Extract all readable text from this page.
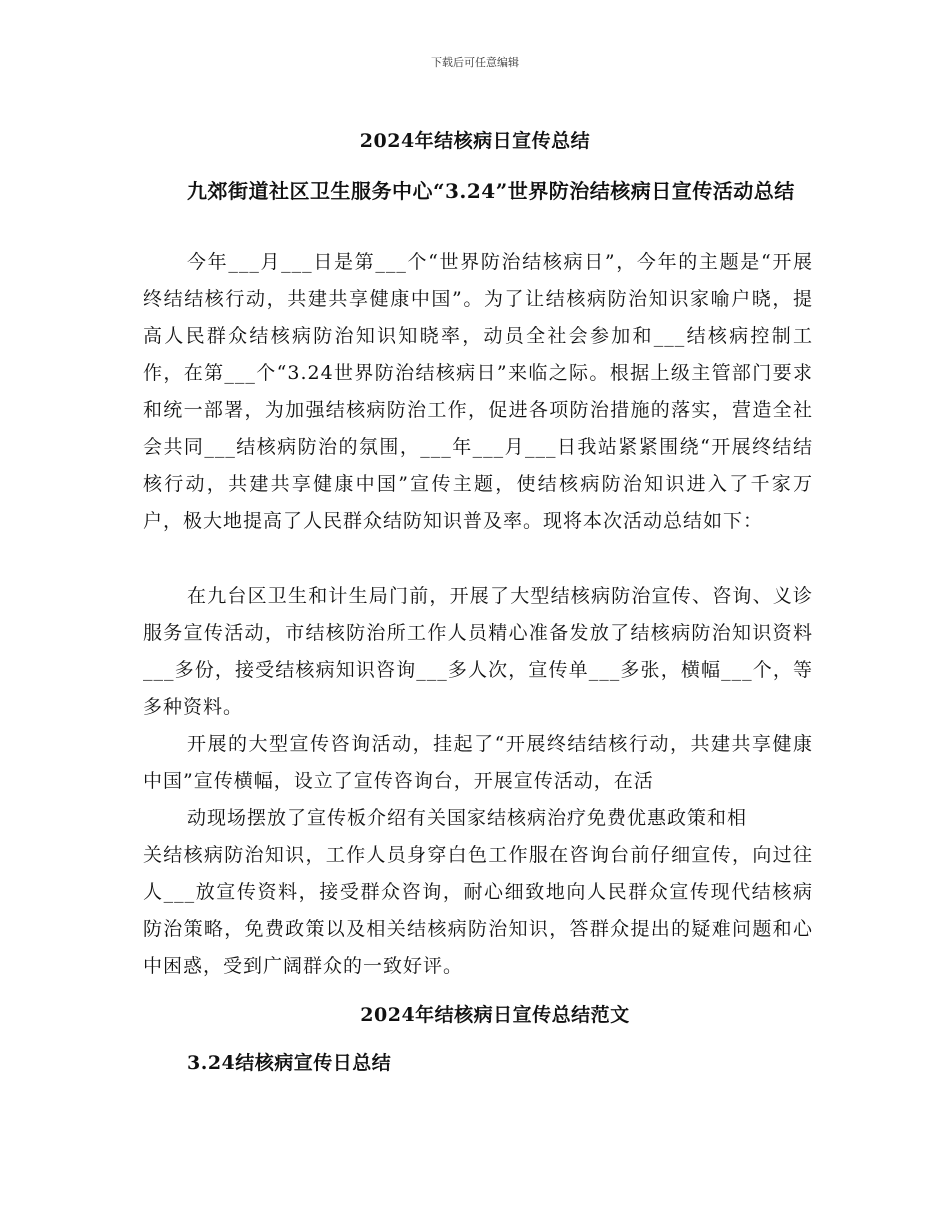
下载后可任意编辑
2024年结核病日宣传总结
九郊街道社区卫生服务中心“3.24”世界防治结核病日宣传活动总结
今年___月___日是第___个“世界防治结核病日”，今年的主题是“开展终结结核行动，共建共享健康中国”。为了让结核病防治知识家喻户晓，提高人民群众结核病防治知识知晓率，动员全社会参加和___结核病控制工作，在第___个“3.24世界防治结核病日”来临之际。根据上级主管部门要求和统一部署，为加强结核病防治工作，促进各项防治措施的落实，营造全社会共同___结核病防治的氛围，___年___月___日我站紧紧围绕“开展终结结核行动，共建共享健康中国”宣传主题，使结核病防治知识进入了千家万户，极大地提高了人民群众结防知识普及率。现将本次活动总结如下：
在九台区卫生和计生局门前，开展了大型结核病防治宣传、咨询、义诊服务宣传活动，市结核防治所工作人员精心准备发放了结核病防治知识资料___多份，接受结核病知识咨询___多人次，宣传单___多张，横幅___个，等多种资料。
开展的大型宣传咨询活动，挂起了“开展终结结核行动，共建共享健康中国”宣传横幅，设立了宣传咨询台，开展宣传活动，在活
动现场摆放了宣传板介绍有关国家结核病治疗免费优惠政策和相
关结核病防治知识，工作人员身穿白色工作服在咨询台前仔细宣传，向过往人___放宣传资料，接受群众咨询，耐心细致地向人民群众宣传现代结核病防治策略，免费政策以及相关结核病防治知识，答群众提出的疑难问题和心中困惑，受到广阔群众的一致好评。
2024年结核病日宣传总结范文
3.24结核病宣传日总结
